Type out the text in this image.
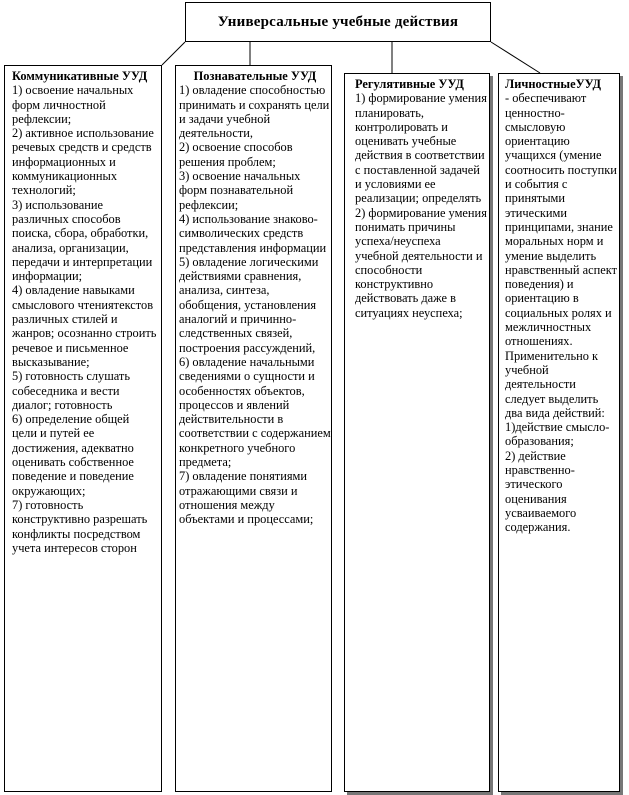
Универсальные учебные действия
Коммуникативные УУД
1) освоение начальных форм личностной рефлексии;
2) активное использование речевых средств и средств информационных и коммуникационных технологий;
3) использование различных способов поиска, сбора, обработки, анализа, организации, передачи и интерпретации информации;
4) овладение навыками смыслового чтениятекстов различных стилей и жанров; осознанно строить речевое и письменное высказывание;
5) готовность слушать собеседника и вести диалог; готовность
6) определение общей цели и путей ее достижения, адекватно оценивать собственное поведение и поведение окружающих;
7) готовность конструктивно разрешать конфликты посредством учета интересов сторон
Познавательные УУД
1) овладение способностью принимать и сохранять цели и задачи учебной деятельности,
2) освоение способов решения проблем;
3) освоение начальных форм познавательной рефлексии;
4) использование знаково-символических средств представления информации
5) овладение логическими действиями сравнения, анализа, синтеза, обобщения, установления аналогий и причинно-следственных связей, построения рассуждений,
6) овладение начальными сведениями о сущности и особенностях объектов, процессов и явлений действительности в соответствии с содержанием конкретного учебного предмета;
7) овладение понятиями отражающими связи и отношения между объектами и процессами;
Регулятивные УУД
1) формирование умения планировать, контролировать и оценивать учебные действия в соответствии с поставленной задачей и условиями ее реализации; определять
2) формирование умения понимать причины успеха/неуспеха учебной деятельности и способности конструктивно действовать даже в ситуациях неуспеха;
ЛичностныеУУД
- обеспечивают ценностно-смысловую ориентацию учащихся (умение соотносить поступки и события с принятыми этическими принципами, знание моральных норм и умение выделить нравственный аспект поведения) и ориентацию в социальных ролях и межличностных отношениях. Применительно к учебной деятельности следует выделить два вида действий:
1)действие смысло-образования;
2) действие нравственно-этического оценивания усваиваемого содержания.
